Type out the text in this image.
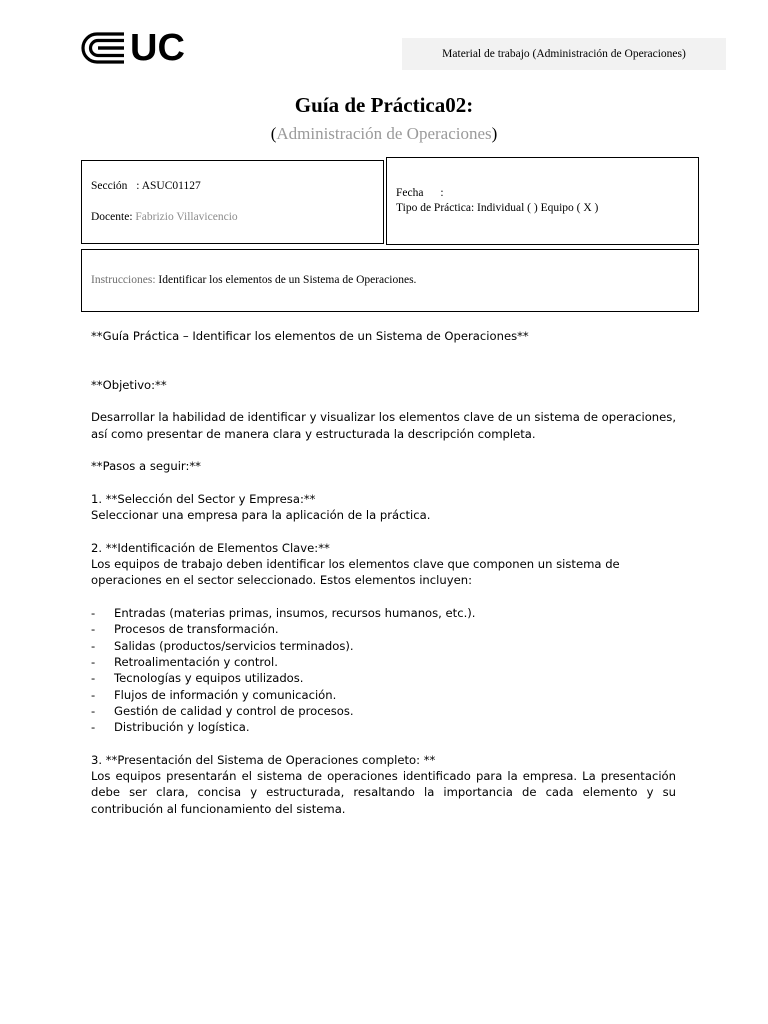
UC	Material de trabajo (Administración de Operaciones)
Guía de Práctica02:
(Administración de Operaciones)
Sección : ASUC01127
Docente: Fabrizio Villavicencio
Fecha :
Tipo de Práctica: Individual ( ) Equipo ( X )
Instrucciones: Identificar los elementos de un Sistema de Operaciones.

**Guía Práctica – Identificar los elementos de un Sistema de Operaciones**

**Objetivo:**

Desarrollar la habilidad de identificar y visualizar los elementos clave de un sistema de operaciones, así como presentar de manera clara y estructurada la descripción completa.

**Pasos a seguir:**

1. **Selección del Sector y Empresa:**

Seleccionar una empresa para la aplicación de la práctica.

2. **Identificación de Elementos Clave:**

Los equipos de trabajo deben identificar los elementos clave que componen un sistema de operaciones en el sector seleccionado. Estos elementos incluyen:

-	Entradas (materias primas, insumos, recursos humanos, etc.).
-	Procesos de transformación.
-	Salidas (productos/servicios terminados).
-	Retroalimentación y control.
-	Tecnologías y equipos utilizados.
-	Flujos de información y comunicación.
-	Gestión de calidad y control de procesos.
-	Distribución y logística.

3. **Presentación del Sistema de Operaciones completo: **

Los equipos presentarán el sistema de operaciones identificado para la empresa. La presentación debe ser clara, concisa y estructurada, resaltando la importancia de cada elemento y su contribución al funcionamiento del sistema.
